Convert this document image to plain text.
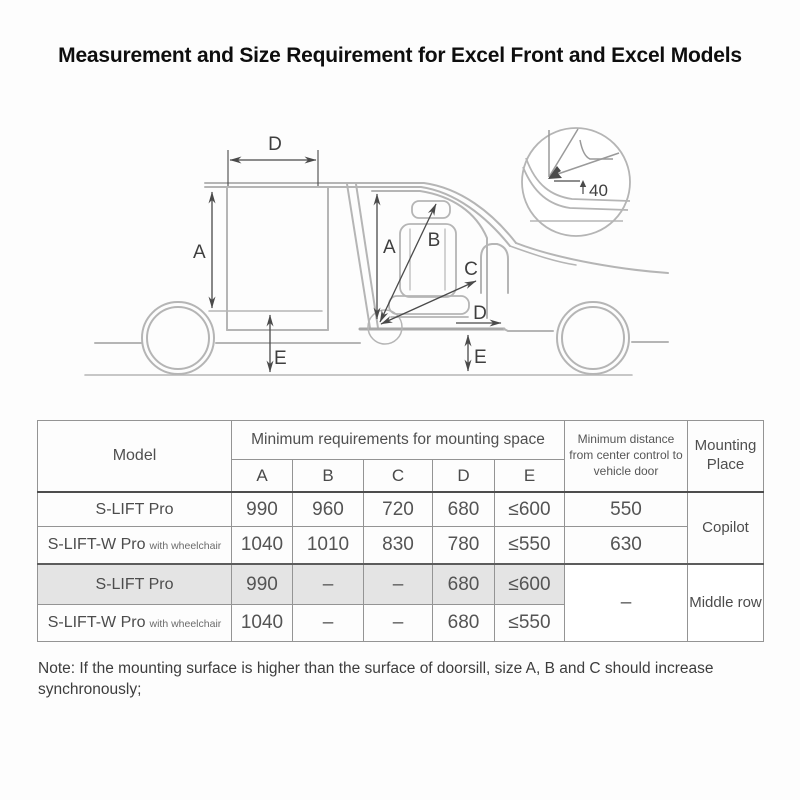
Measurement and Size Requirement for Excel Front and Excel Models
D
A
E
A B
C
D
E
40
Model	Minimum requirements for mounting space					Minimum distance from center control to vehicle door	Mounting Place
	A	B	C	D	E		
S-LIFT Pro	990	960	720	680	≤600	550	Copilot
S-LIFT-W Pro with wheelchair	1040	1010	830	780	≤550	630	
S-LIFT Pro	990	–	–	680	≤600	–	Middle row
S-LIFT-W Pro with wheelchair	1040	–	–	680	≤550		

Note: If the mounting surface is higher than the surface of doorsill, size A, B and C should increase synchronously;
